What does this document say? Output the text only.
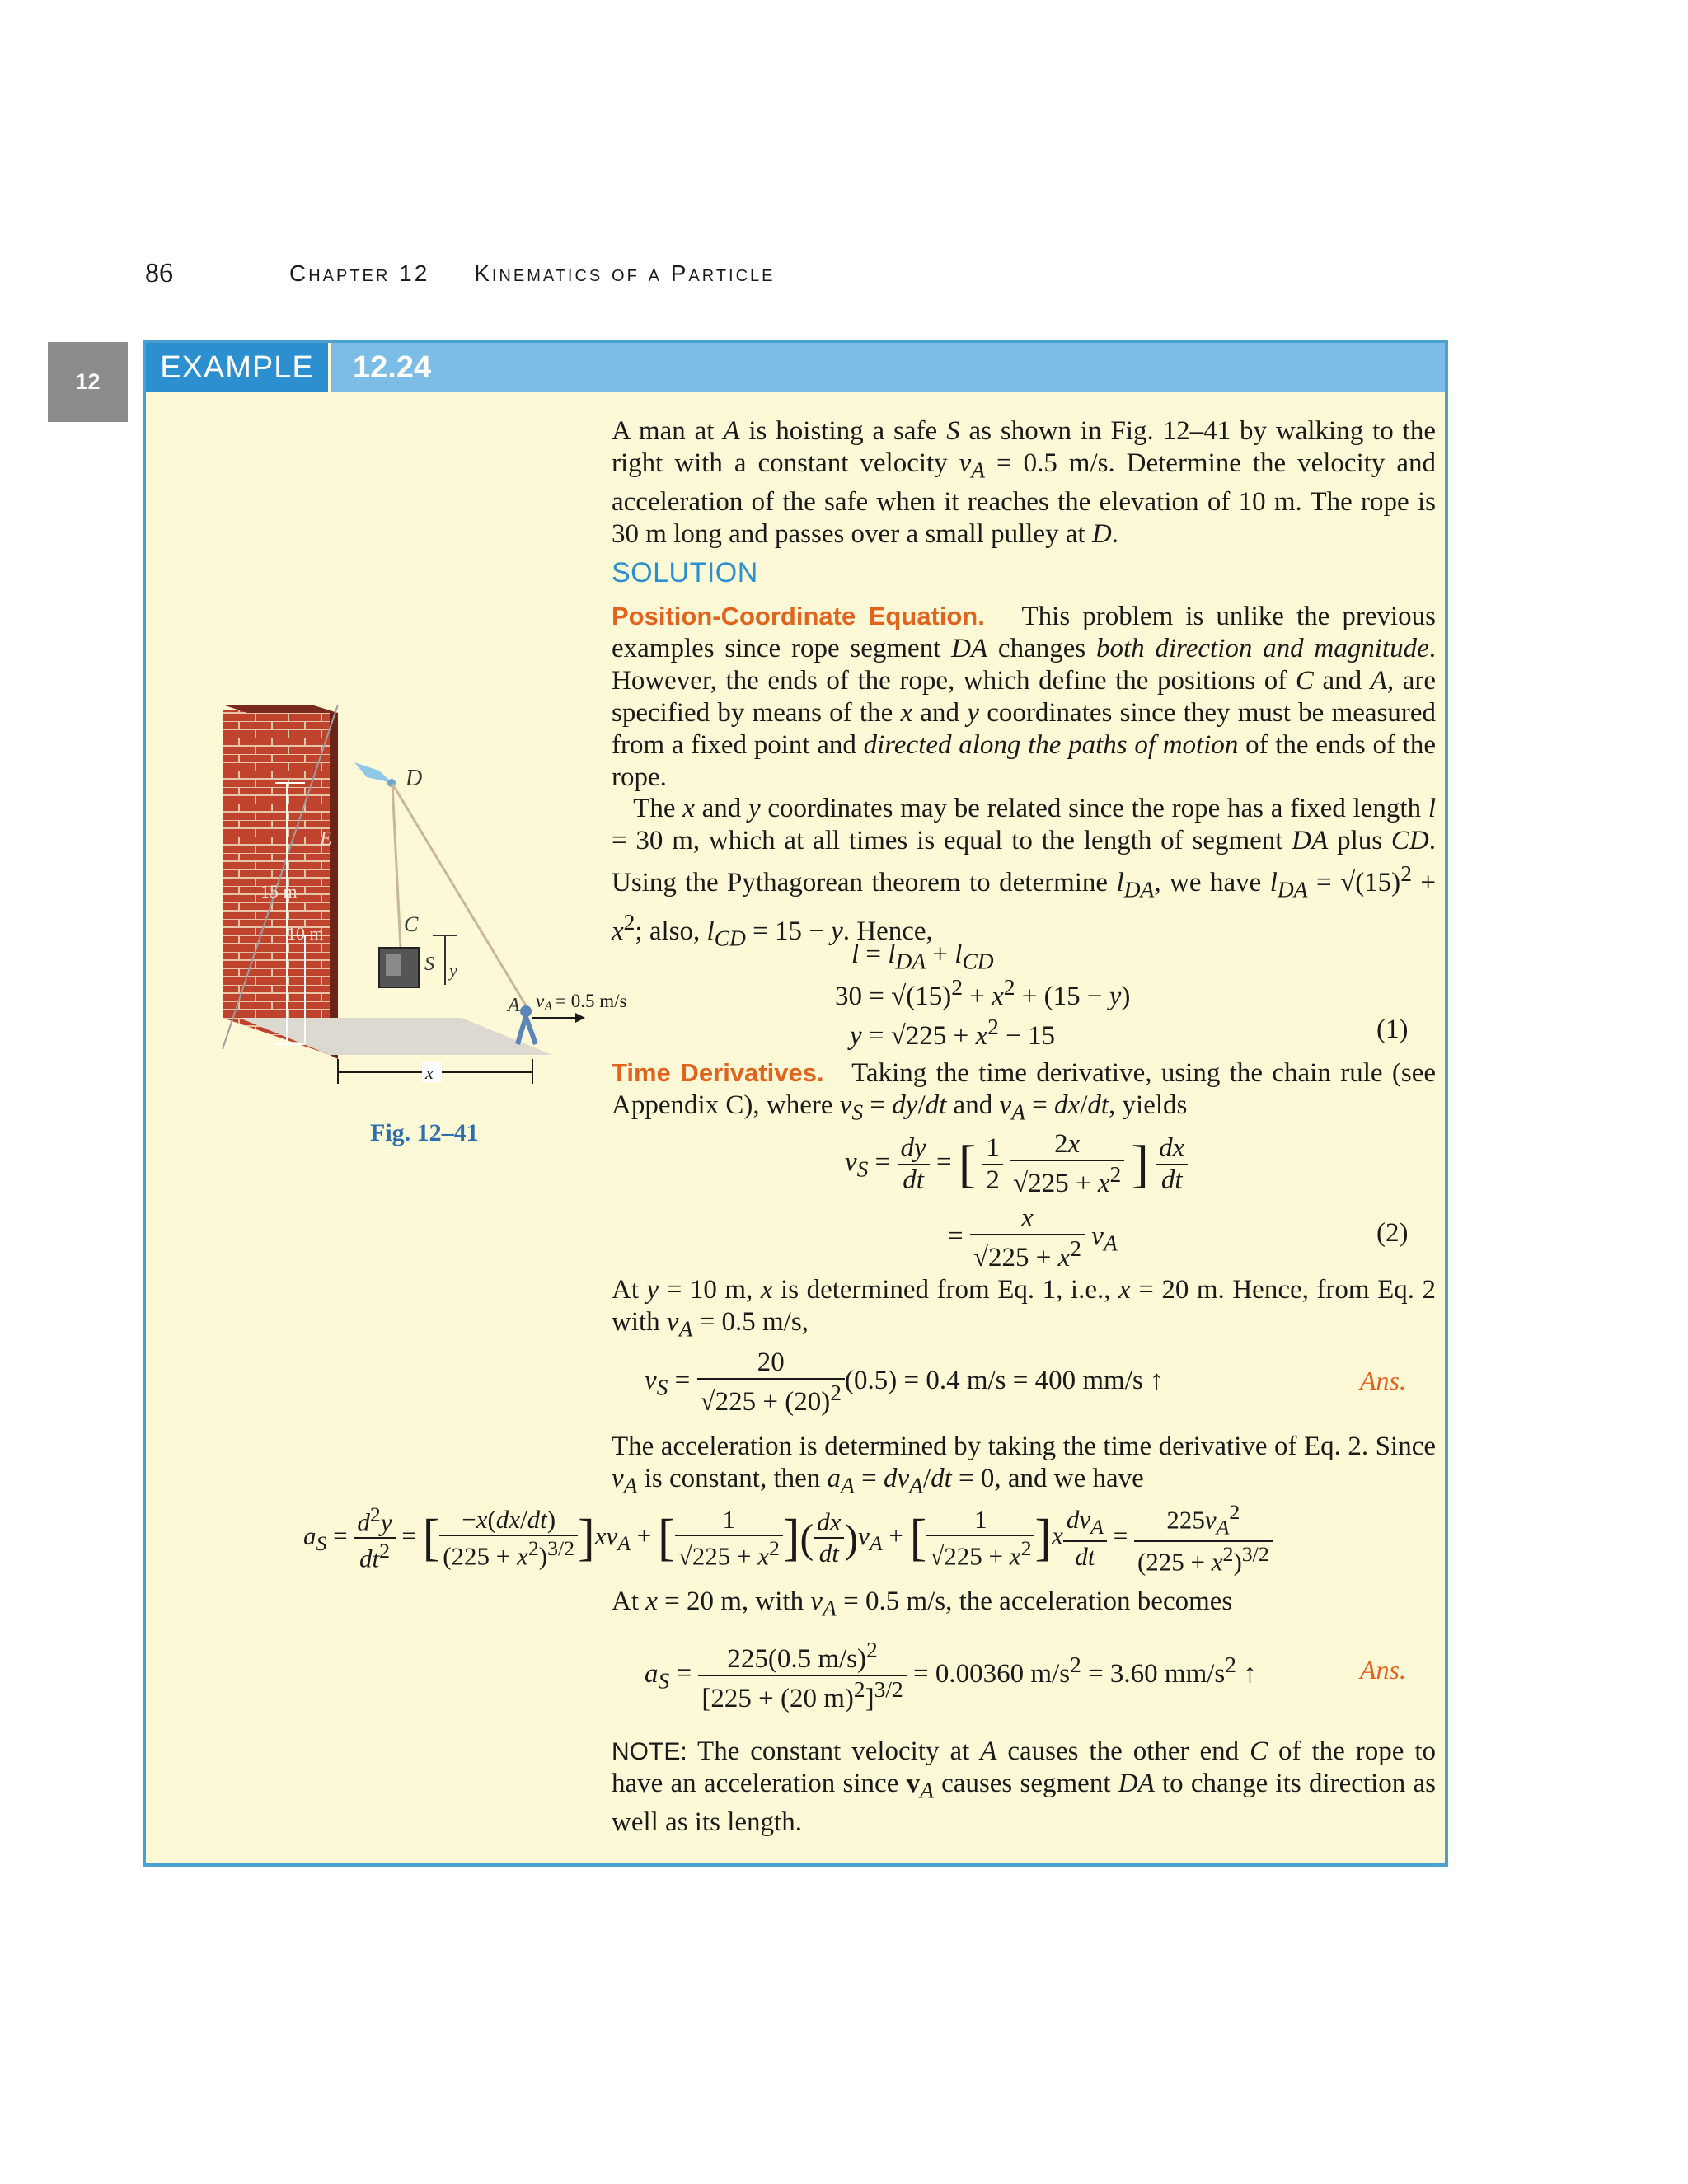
86	Chapter 12 Kinematics of a Particle
12	EXAMPLE	12.24
A man at A is hoisting a safe S as shown in Fig. 12–41 by walking to the right with a constant velocity $v_A = 0.5$ m/s. Determine the velocity and acceleration of the safe when it reaches the elevation of 10 m. The rope is 30 m long and passes over a small pulley at D.
SOLUTION
Position-Coordinate Equation. This problem is unlike the previous examples since rope segment DA changes both direction and magnitude. However, the ends of the rope, which define the positions of C and A, are specified by means of the x and y coordinates since they must be measured from a fixed point and directed along the paths of motion of the ends of the rope.
The x and y coordinates may be related since the rope has a fixed length l = 30 m, which at all times is equal to the length of segment DA plus CD. Using the Pythagorean theorem to determine $l_{DA}$, we have $l_{DA} = √(15)^2 + x^2$; also, $l_{CD} = 15 - y$. Hence,
$l = l_{DA} + l_{CD}$
$30 = √(15)^2 + x^2 + (15 - y)$
$y = √225 + x^2 - 15$	(1)
Time Derivatives. Taking the time derivative, using the chain rule (see Appendix C), where $v_S = dy/dt$ and $v_A = dx/dt$, yields
$v_S = \frac{dy}{dt}$ = [ $\frac{1}{2}$
$\frac{2x}{√225 + x^2}$ ] $\frac{dx}{dt}$
= $\frac{x}{√225 + x^2} v_A$	(2)
At y = 10 m, x is determined from Eq. 1, i.e., x = 20 m. Hence, from Eq. 2 with $v_A = 0.5$ m/s,
$v_S = \frac{20}{√225 + (20)^2} (0.5) = 0.4$ m/s = 400 mm/s ↑	Ans.
The acceleration is determined by taking the time derivative of Eq. 2. Since $v_A$ is constant, then $a_A = dv_A/dt = 0$, and we have
$a_S = \frac{d^2y}{dt^2}$ = [ $\frac{-x(dx/dt)}{(225 + x^2)^{3/2}} ]xv_A$ + [ $\frac{1}{√225 + x^2}$ ]( $\frac{dx}{dt} )v_A$ + [ $\frac{1}{√225 + x^2} ]x \frac{dv_A}{dt} = \frac{225v_A^2}{(225 + x^2)^{3/2}}$
At x = 20 m, with $v_A = 0.5$ m/s, the acceleration becomes
$a_S = \frac{225(0.5 m/s)^2}{[225 + (20 m)^2]^{3/2}} = 0.00360$ $m/s^2 = 3.60$ $mm/s^2$ ↑	Ans.
NOTE: The constant velocity at A causes the other end C of the rope to have an acceleration since $v_A$ causes segment DA to change its direction as well as its length.
D
C
S y
E
15 m
10 m
A vA = 0.5 m/s
x
Fig. 12–41
